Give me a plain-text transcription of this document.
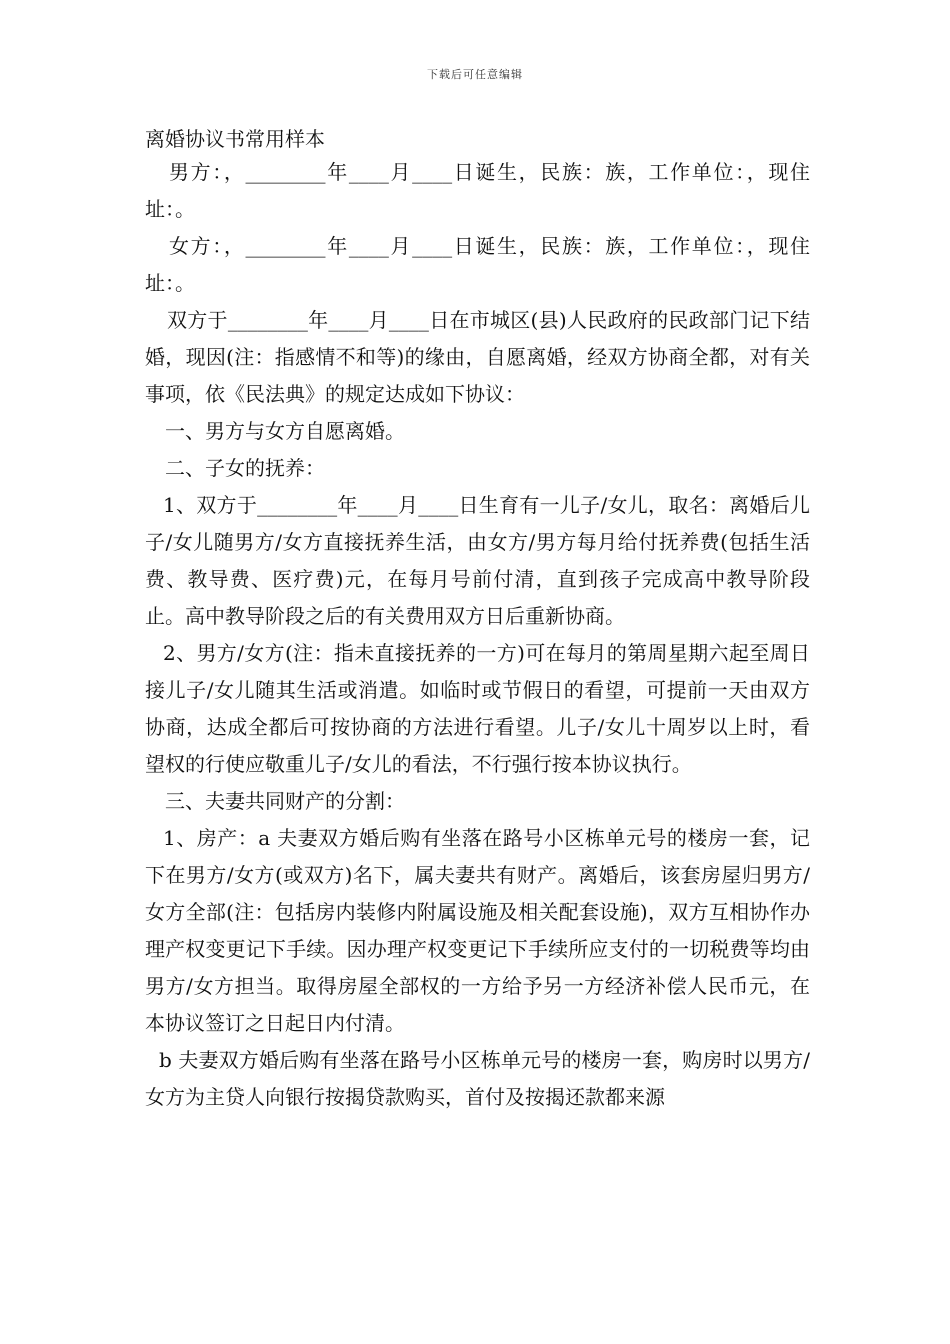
下载后可任意编辑
离婚协议书常用样本

男方：，________年____月____日诞生，民族：族，工作单位：，现住址：。

女方：，________年____月____日诞生，民族：族，工作单位：，现住址：。

双方于________年____月____日在市城区(县)人民政府的民政部门记下结婚，现因(注：指感情不和等)的缘由，自愿离婚，经双方协商全都，对有关事项，依《民法典》的规定达成如下协议：

一、男方与女方自愿离婚。

二、子女的抚养：

1、双方于________年____月____日生育有一儿子/女儿，取名：离婚后儿子/女儿随男方/女方直接抚养生活，由女方/男方每月给付抚养费(包括生活费、教导费、医疗费)元，在每月号前付清，直到孩子完成高中教导阶段止。高中教导阶段之后的有关费用双方日后重新协商。

2、男方/女方(注：指未直接抚养的一方)可在每月的第周星期六起至周日接儿子/女儿随其生活或消遣。如临时或节假日的看望，可提前一天由双方协商，达成全都后可按协商的方法进行看望。儿子/女儿十周岁以上时，看望权的行使应敬重儿子/女儿的看法，不行强行按本协议执行。

三、夫妻共同财产的分割：

1、房产：a 夫妻双方婚后购有坐落在路号小区栋单元号的楼房一套，记下在男方/女方(或双方)名下，属夫妻共有财产。离婚后，该套房屋归男方/女方全部(注：包括房内装修内附属设施及相关配套设施)，双方互相协作办理产权变更记下手续。因办理产权变更记下手续所应支付的一切税费等均由男方/女方担当。取得房屋全部权的一方给予另一方经济补偿人民币元，在本协议签订之日起日内付清。

b 夫妻双方婚后购有坐落在路号小区栋单元号的楼房一套，购房时以男方/女方为主贷人向银行按揭贷款购买，首付及按揭还款都来源
